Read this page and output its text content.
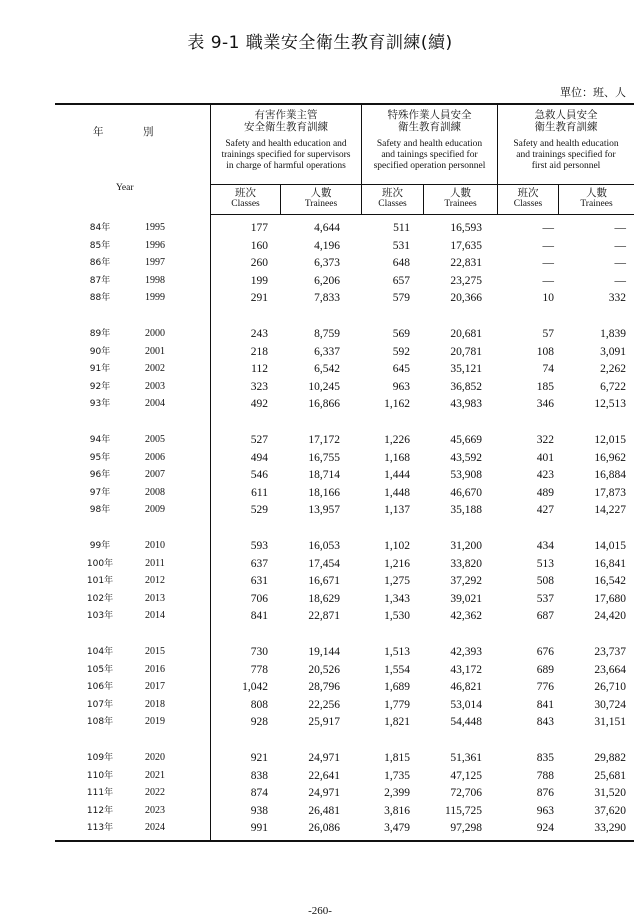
表 9-1 職業安全衛生教育訓練(續)
單位：班、人
年	別
Year
有害作業主管
安全衛生教育訓練
Safety and health education and
trainings specified for supervisors
in charge of harmful operations
特殊作業人員安全
衛生教育訓練
Safety and health education
and tainings specified for
specified operation personnel
急救人員安全
衛生教育訓練
Safety and health education
and trainings specified for
first aid personnel
班次
Classes
人數
Trainees
班次
Classes
人數
Trainees
班次
Classes
人數
Trainees
84年	1995	177	4,644	511	16,593	—	—
85年	1996	160	4,196	531	17,635	—	—
86年	1997	260	6,373	648	22,831	—	—
87年	1998	199	6,206	657	23,275	—	—
88年	1999	291	7,833	579	20,366	10	332
89年	2000	243	8,759	569	20,681	57	1,839
90年	2001	218	6,337	592	20,781	108	3,091
91年	2002	112	6,542	645	35,121	74	2,262
92年	2003	323	10,245	963	36,852	185	6,722
93年	2004	492	16,866	1,162	43,983	346	12,513
94年	2005	527	17,172	1,226	45,669	322	12,015
95年	2006	494	16,755	1,168	43,592	401	16,962
96年	2007	546	18,714	1,444	53,908	423	16,884
97年	2008	611	18,166	1,448	46,670	489	17,873
98年	2009	529	13,957	1,137	35,188	427	14,227
99年	2010	593	16,053	1,102	31,200	434	14,015
100年	2011	637	17,454	1,216	33,820	513	16,841
101年	2012	631	16,671	1,275	37,292	508	16,542
102年	2013	706	18,629	1,343	39,021	537	17,680
103年	2014	841	22,871	1,530	42,362	687	24,420
104年	2015	730	19,144	1,513	42,393	676	23,737
105年	2016	778	20,526	1,554	43,172	689	23,664
106年	2017	1,042	28,796	1,689	46,821	776	26,710
107年	2018	808	22,256	1,779	53,014	841	30,724
108年	2019	928	25,917	1,821	54,448	843	31,151
109年	2020	921	24,971	1,815	51,361	835	29,882
110年	2021	838	22,641	1,735	47,125	788	25,681
111年	2022	874	24,971	2,399	72,706	876	31,520
112年	2023	938	26,481	3,816	115,725	963	37,620
113年	2024	991	26,086	3,479	97,298	924	33,290
-260-
